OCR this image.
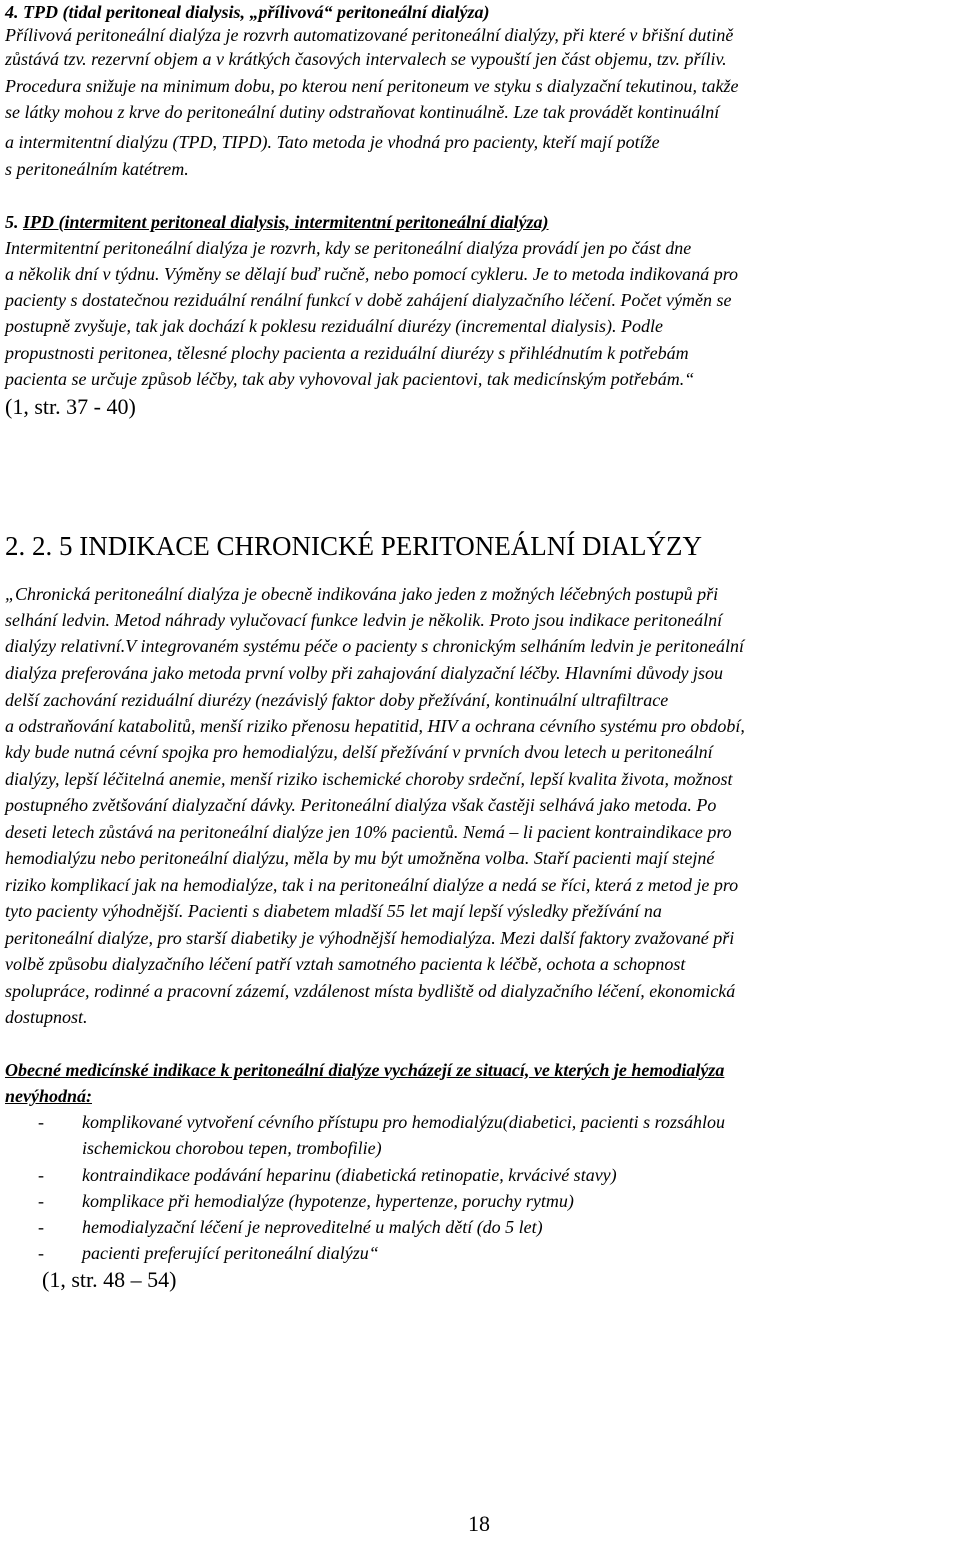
4. TPD (tidal peritoneal dialysis, „přílivová“ peritoneální dialýza)
Přílivová peritoneální dialýza je rozvrh automatizované peritoneální dialýzy, při které v břišní dutině
zůstává tzv. rezervní objem a v krátkých časových intervalech se vypouští jen část objemu, tzv. příliv.
Procedura snižuje na minimum dobu, po kterou není peritoneum ve styku s dialyzační tekutinou, takže
se látky mohou z krve do peritoneální dutiny odstraňovat kontinuálně. Lze tak provádět kontinuální
a intermitentní dialýzu (TPD, TIPD). Tato metoda je vhodná pro pacienty, kteří mají potíže
s peritoneálním katétrem.
5. IPD (intermitent peritoneal dialysis, intermitentní peritoneální dialýza)
Intermitentní peritoneální dialýza je rozvrh, kdy se peritoneální dialýza provádí jen po část dne
a několik dní v týdnu. Výměny se dělají buď ručně, nebo pomocí cykleru. Je to metoda indikovaná pro
pacienty s dostatečnou reziduální renální funkcí v době zahájení dialyzačního léčení. Počet výměn se
postupně zvyšuje, tak jak dochází k poklesu reziduální diurézy (incremental dialysis). Podle
propustnosti peritonea, tělesné plochy pacienta a reziduální diurézy s přihlédnutím k potřebám
pacienta se určuje způsob léčby, tak aby vyhovoval jak pacientovi, tak medicínským potřebám.“
(1, str. 37 - 40)
2. 2. 5 INDIKACE CHRONICKÉ PERITONEÁLNÍ DIALÝZY
„Chronická peritoneální dialýza je obecně indikována jako jeden z možných léčebných postupů při
selhání ledvin. Metod náhrady vylučovací funkce ledvin je několik. Proto jsou indikace peritoneální
dialýzy relativní.V integrovaném systému péče o pacienty s chronickým selháním ledvin je peritoneální
dialýza preferována jako metoda první volby při zahajování dialyzační léčby. Hlavními důvody jsou
delší zachování reziduální diurézy (nezávislý faktor doby přežívání, kontinuální ultrafiltrace
a odstraňování katabolitů, menší riziko přenosu hepatitid, HIV a ochrana cévního systému pro období,
kdy bude nutná cévní spojka pro hemodialýzu, delší přežívání v prvních dvou letech u peritoneální
dialýzy, lepší léčitelná anemie, menší riziko ischemické choroby srdeční, lepší kvalita života, možnost
postupného zvětšování dialyzační dávky. Peritoneální dialýza však častěji selhává jako metoda. Po
deseti letech zůstává na peritoneální dialýze jen 10% pacientů. Nemá – li pacient kontraindikace pro
hemodialýzu nebo peritoneální dialýzu, měla by mu být umožněna volba. Staří pacienti mají stejné
riziko komplikací jak na hemodialýze, tak i na peritoneální dialýze a nedá se říci, která z metod je pro
tyto pacienty výhodnější. Pacienti s diabetem mladší 55 let mají lepší výsledky přežívání na
peritoneální dialýze, pro starší diabetiky je výhodnější hemodialýza. Mezi další faktory zvažované při
volbě způsobu dialyzačního léčení patří vztah samotného pacienta k léčbě, ochota a schopnost
spolupráce, rodinné a pracovní zázemí, vzdálenost místa bydliště od dialyzačního léčení, ekonomická
dostupnost.
Obecné medicínské indikace k peritoneální dialýze vycházejí ze situací, ve kterých je hemodialýza
nevýhodná:
- komplikované vytvoření cévního přístupu pro hemodialýzu(diabetici, pacienti s rozsáhlou
ischemickou chorobou tepen, trombofilie)
- kontraindikace podávání heparinu (diabetická retinopatie, krvácivé stavy)
- komplikace při hemodialýze (hypotenze, hypertenze, poruchy rytmu)
- hemodialyzační léčení je neproveditelné u malých dětí (do 5 let)
- pacienti preferující peritoneální dialýzu“
(1, str. 48 – 54)
18
